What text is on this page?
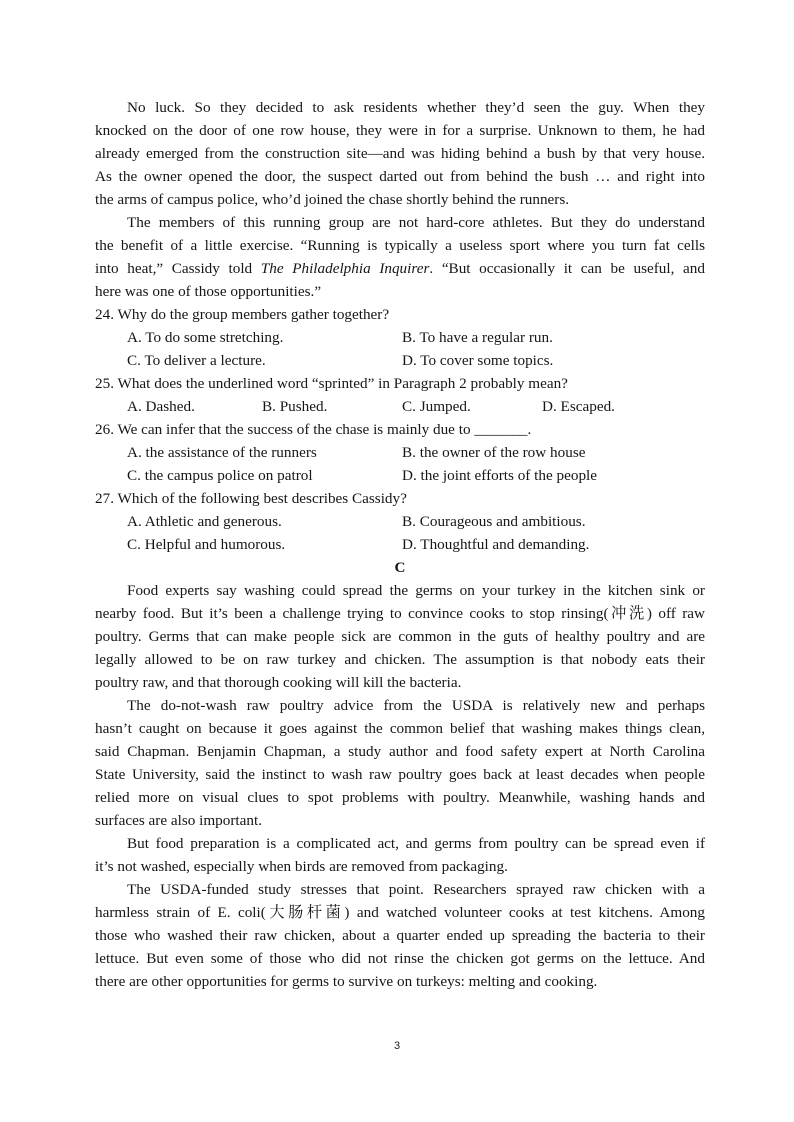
No luck. So they decided to ask residents whether they’d seen the guy. When they
knocked on the door of one row house, they were in for a surprise. Unknown to them, he had
already emerged from the construction site—and was hiding behind a bush by that very house.
As the owner opened the door, the suspect darted out from behind the bush … and right into
the arms of campus police, who’d joined the chase shortly behind the runners.
The members of this running group are not hard-core athletes. But they do understand
the benefit of a little exercise. “Running is typically a useless sport where you turn fat cells
into heat,” Cassidy told The Philadelphia Inquirer. “But occasionally it can be useful, and
here was one of those opportunities.”
24. Why do the group members gather together?
A. To do some stretching.	B. To have a regular run.
C. To deliver a lecture.	D. To cover some topics.
25. What does the underlined word “sprinted” in Paragraph 2 probably mean?
A. Dashed.	B. Pushed.	C. Jumped.	D. Escaped.
26. We can infer that the success of the chase is mainly due to _______.
A. the assistance of the runners	B. the owner of the row house
C. the campus police on patrol	D. the joint efforts of the people
27. Which of the following best describes Cassidy?
A. Athletic and generous.	B. Courageous and ambitious.
C. Helpful and humorous.	D. Thoughtful and demanding.
C
Food experts say washing could spread the germs on your turkey in the kitchen sink or
nearby food. But it’s been a challenge trying to convince cooks to stop rinsing(冲洗) off raw
poultry. Germs that can make people sick are common in the guts of healthy poultry and are
legally allowed to be on raw turkey and chicken. The assumption is that nobody eats their
poultry raw, and that thorough cooking will kill the bacteria.
The do-not-wash raw poultry advice from the USDA is relatively new and perhaps
hasn’t caught on because it goes against the common belief that washing makes things clean,
said Chapman. Benjamin Chapman, a study author and food safety expert at North Carolina
State University, said the instinct to wash raw poultry goes back at least decades when people
relied more on visual clues to spot problems with poultry. Meanwhile, washing hands and
surfaces are also important.
But food preparation is a complicated act, and germs from poultry can be spread even if
it’s not washed, especially when birds are removed from packaging.
The USDA-funded study stresses that point. Researchers sprayed raw chicken with a
harmless strain of E. coli(大肠杆菌) and watched volunteer cooks at test kitchens. Among
those who washed their raw chicken, about a quarter ended up spreading the bacteria to their
lettuce. But even some of those who did not rinse the chicken got germs on the lettuce. And
there are other opportunities for germs to survive on turkeys: melting and cooking.
3
